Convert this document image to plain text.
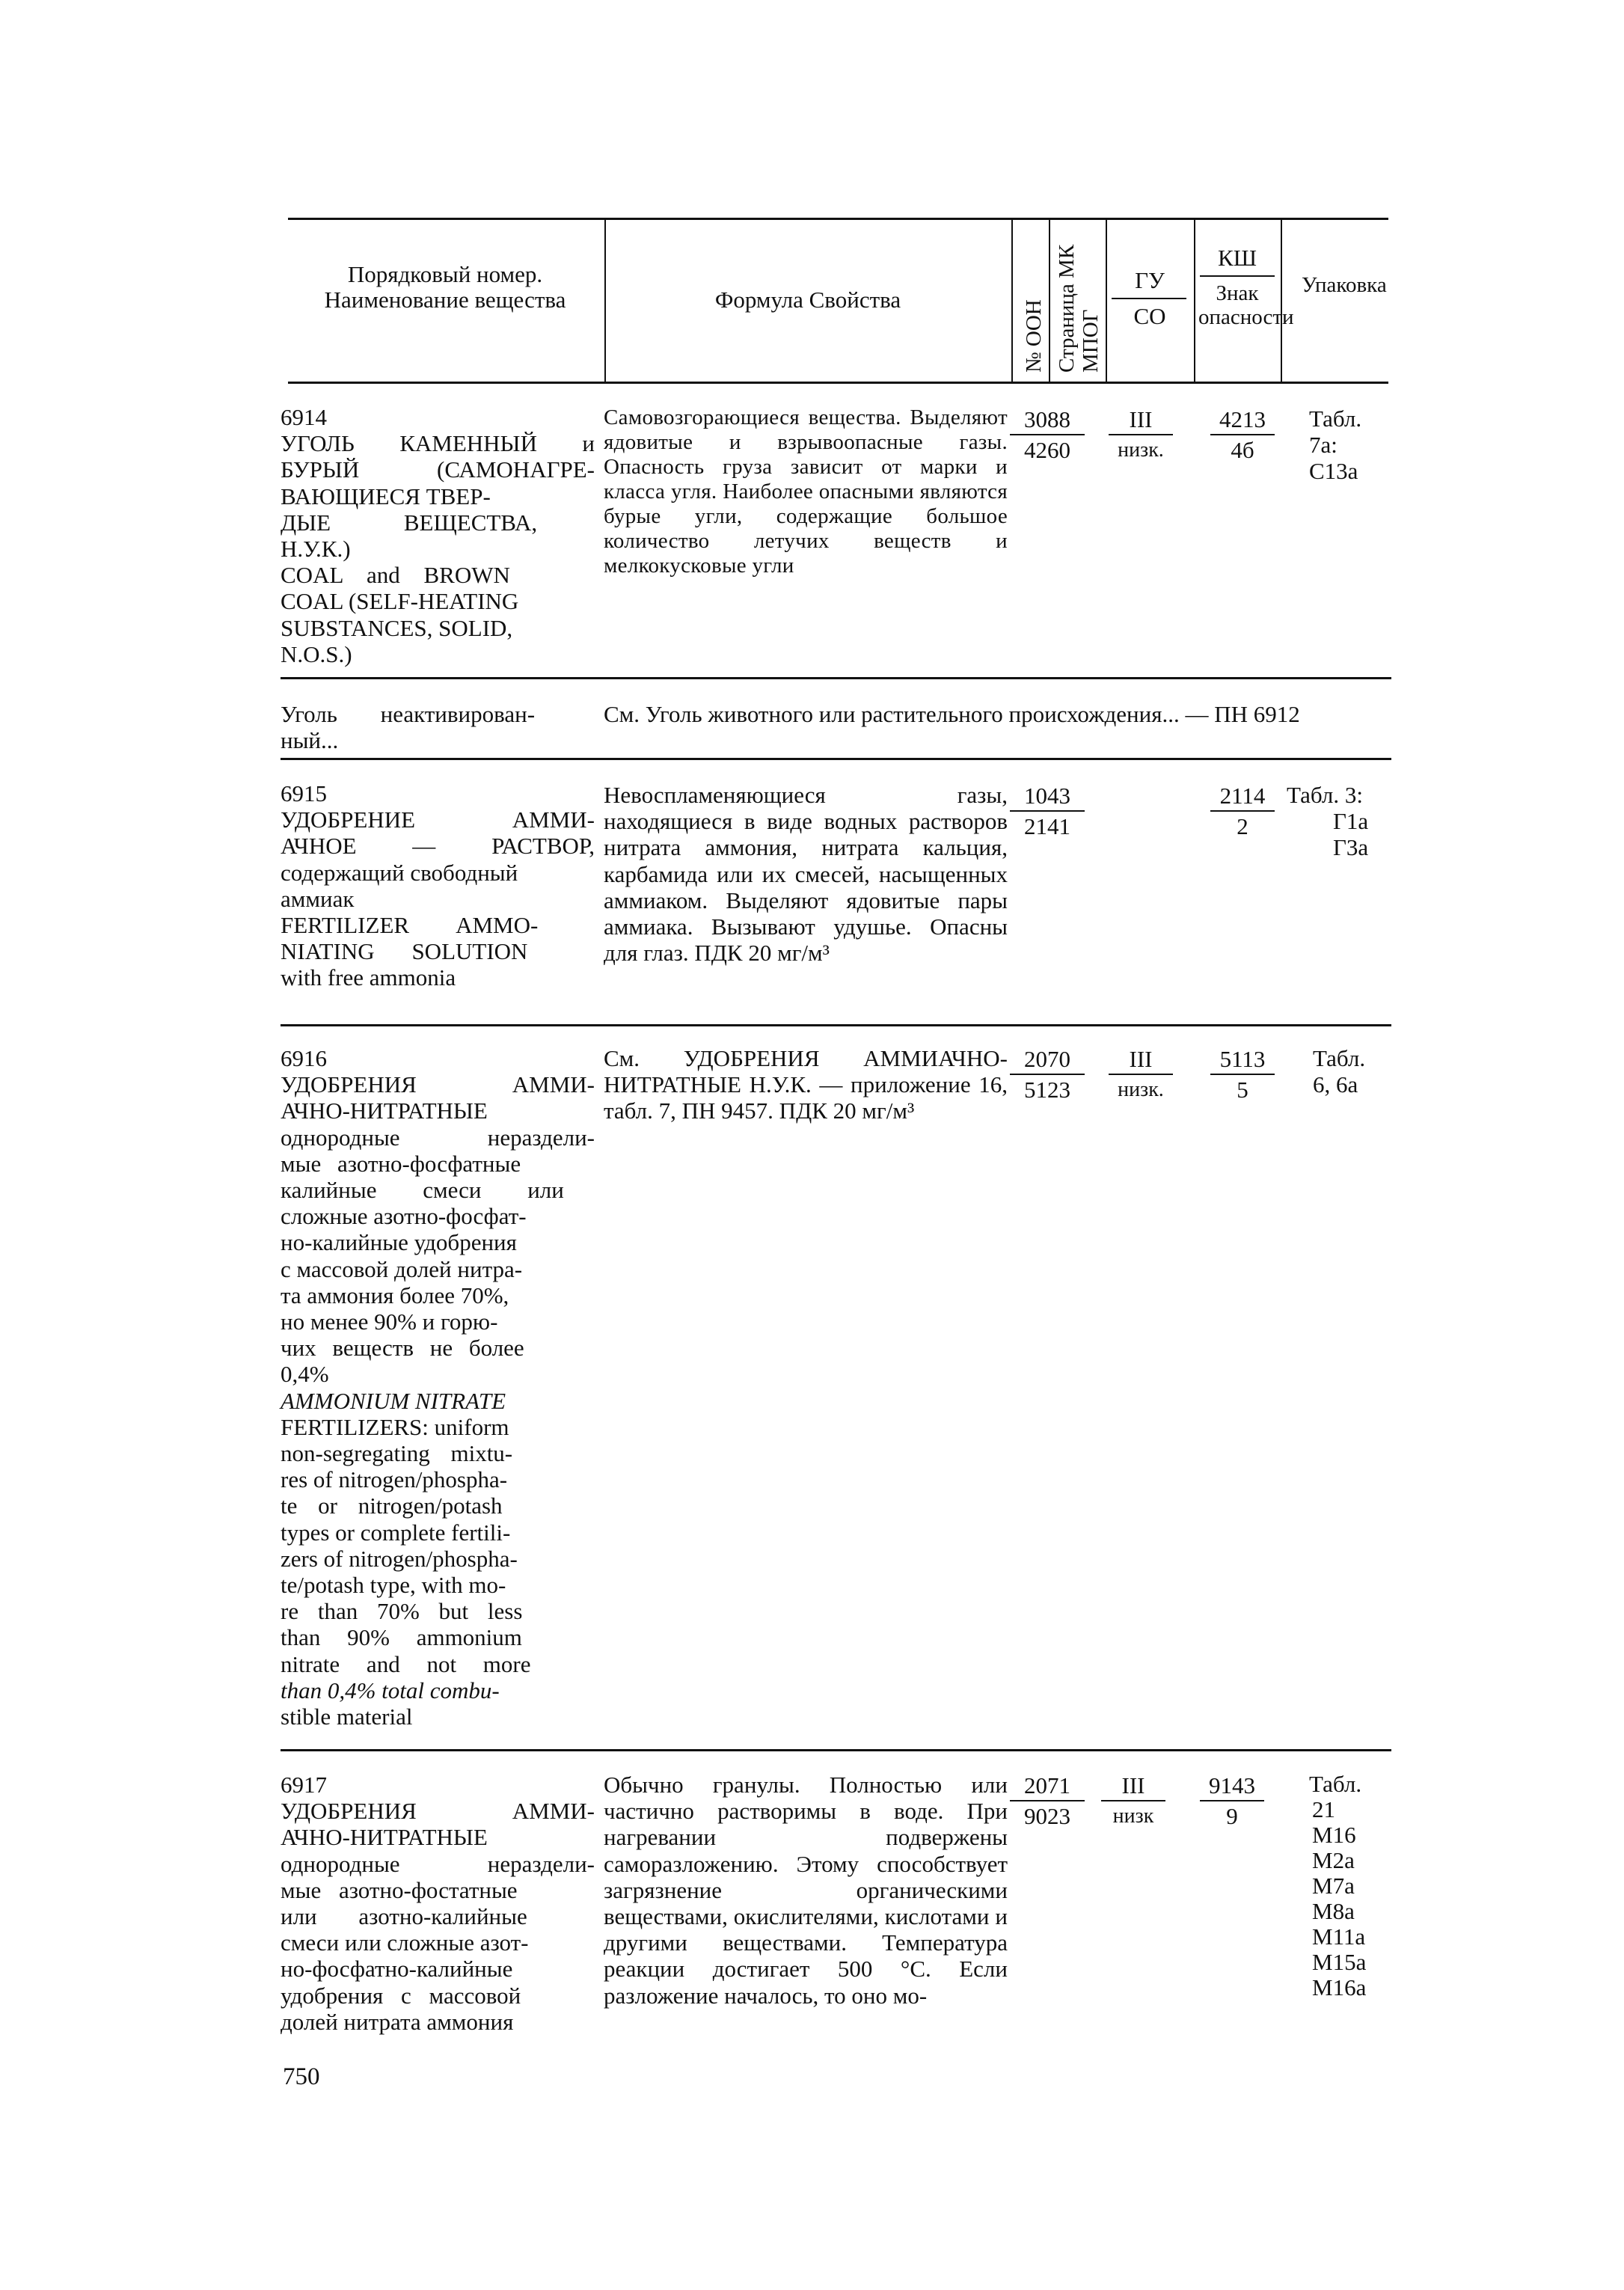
Порядковый номер. Наименование вещества	Формула Свойства	№ ООН Страница МК МПОГ
ГУ
СО
КШ
Знак опасности
Упаковка
6914
УГОЛЬ КАМЕННЫЙ и
БУРЫЙ (САМОНАГРЕ-
ВАЮЩИЕСЯ ТВЕР-
ДЫЕ ВЕЩЕСТВА,
Н.У.К.)
COAL and BROWN
COAL (SELF-HEATING
SUBSTANCES, SOLID,
N.O.S.)
Самовозгорающиеся вещества. Выделяют ядовитые и взрывоопасные газы. Опасность груза зависит от марки и класса угля. Наиболее опасными являются бурые угли, содержащие большое количество летучих веществ и мелкокусковые угли
3088
4260
III
низк.
4213
4б
Табл.
7а:
С13а
Уголь неактивирован-
ный...
См. Уголь животного или растительного происхождения... — ПН 6912
6915
УДОБРЕНИЕ АММИ-
АЧНОЕ — РАСТВОР,
содержащий свободный
аммиак
FERTILIZER AMMO-
NIATING SOLUTION
with free ammonia
Невоспламеняющиеся газы, находящиеся в виде водных растворов нитрата аммония, нитрата кальция, карбамида или их смесей, насыщенных аммиаком. Выделяют ядовитые пары аммиака. Вызывают удушье. Опасны для глаз. ПДК 20 мг/м³
1043
2141
2114
2
Табл. 3:
Г1а
Г3а
6916
УДОБРЕНИЯ АММИ-
АЧНО-НИТРАТНЫЕ
однородные нераздели-
мые азотно-фосфатные
калийные смеси или
сложные азотно-фосфат-
но-калийные удобрения
с массовой долей нитра-
та аммония более 70%,
но менее 90% и горю-
чих веществ не более
0,4%
AMMONIUM NITRATE
FERTILIZERS: uniform
non-segregating mixtu-
res of nitrogen/phospha-
te or nitrogen/potash
types or complete fertili-
zers of nitrogen/phospha-
te/potash type, with mo-
re than 70% but less
than 90% ammonium
nitrate and not more
than 0,4% total combu-
stible material
См. УДОБРЕНИЯ АММИАЧНО-НИТРАТНЫЕ Н.У.К. — приложение 16, табл. 7, ПН 9457. ПДК 20 мг/м³
2070
5123
III
низк.
5113
5
Табл.
6, 6а
6917
УДОБРЕНИЯ АММИ-
АЧНО-НИТРАТНЫЕ
однородные нераздели-
мые азотно-фостатные
или азотно-калийные
смеси или сложные азот-
но-фосфатно-калийные
удобрения с массовой
долей нитрата аммония
Обычно гранулы. Полностью или частично растворимы в воде. При нагревании подвержены саморазложению. Этому способствует загрязнение органическими веществами, окислителями, кислотами и другими веществами. Температура реакции достигает 500 °С. Если разложение началось, то оно мо-
2071
9023
III
низк
9143
9
Табл.
21
М16
М2а
М7а
М8а
М11а
М15а
М16а
750
